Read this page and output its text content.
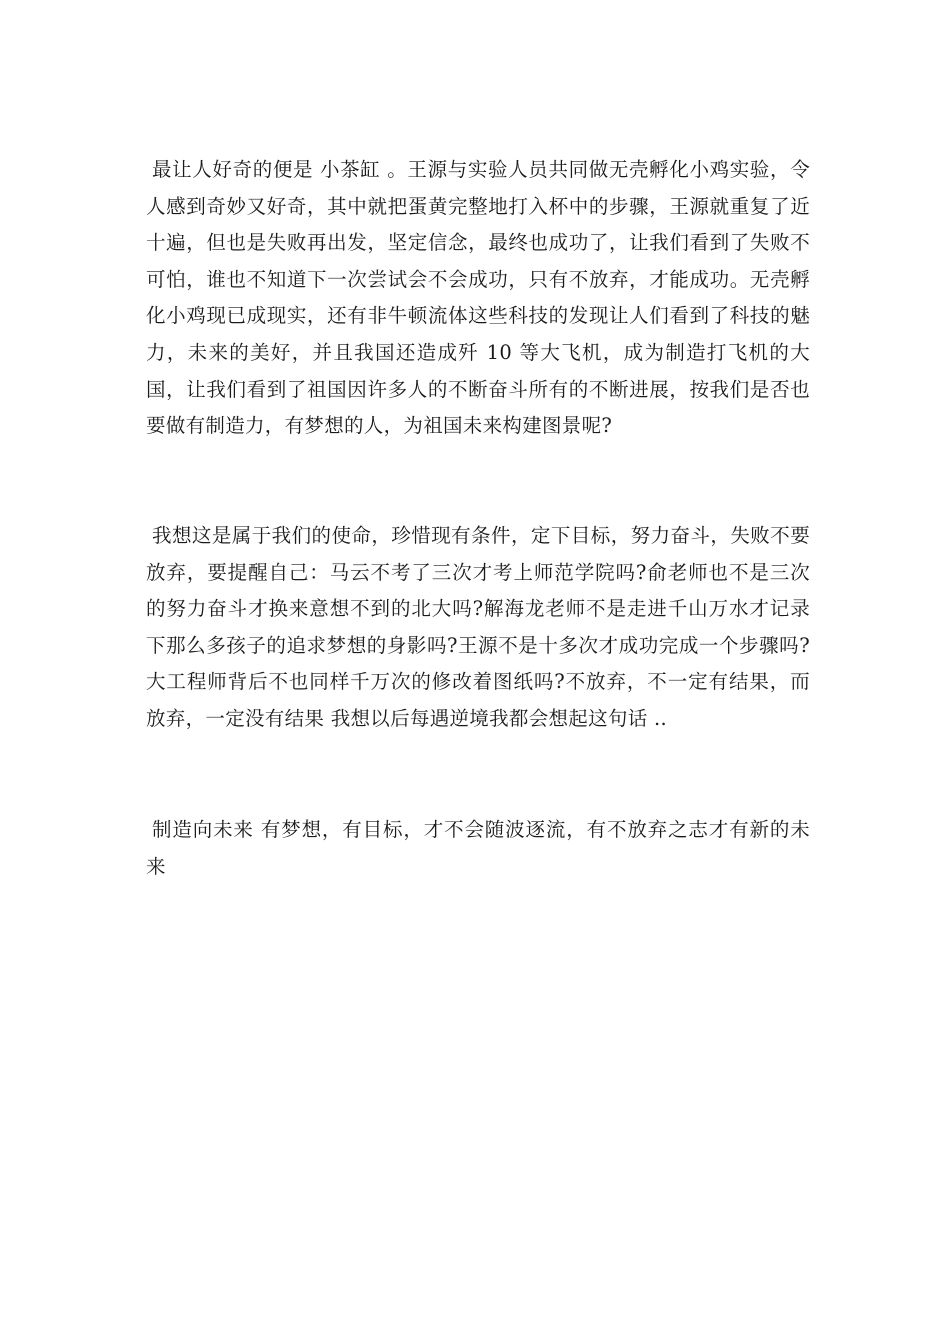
最让人好奇的便是 小茶缸 。王源与实验人员共同做无壳孵化小鸡实验，令人感到奇妙又好奇，其中就把蛋黄完整地打入杯中的步骤，王源就重复了近十遍，但也是失败再出发，坚定信念，最终也成功了，让我们看到了失败不可怕，谁也不知道下一次尝试会不会成功，只有不放弃，才能成功。无壳孵化小鸡现已成现实，还有非牛顿流体这些科技的发现让人们看到了科技的魅力，未来的美好，并且我国还造成歼 10 等大飞机，成为制造打飞机的大国，让我们看到了祖国因许多人的不断奋斗所有的不断进展，按我们是否也要做有制造力，有梦想的人，为祖国未来构建图景呢?

我想这是属于我们的使命，珍惜现有条件，定下目标，努力奋斗，失败不要放弃，要提醒自己：马云不考了三次才考上师范学院吗?俞老师也不是三次的努力奋斗才换来意想不到的北大吗?解海龙老师不是走进千山万水才记录下那么多孩子的追求梦想的身影吗?王源不是十多次才成功完成一个步骤吗?大工程师背后不也同样千万次的修改着图纸吗?不放弃，不一定有结果，而放弃，一定没有结果 我想以后每遇逆境我都会想起这句话 ..

制造向未来 有梦想，有目标，才不会随波逐流，有不放弃之志才有新的未来
